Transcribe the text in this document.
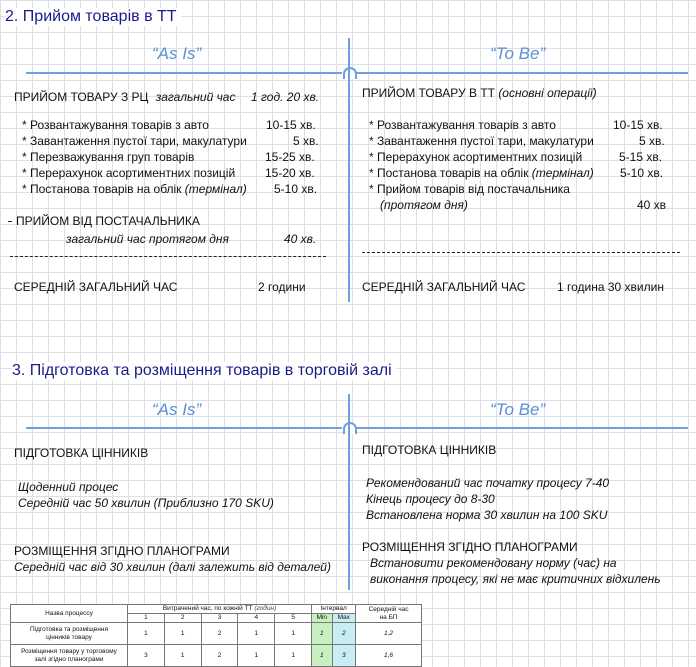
2. Прийом товарів в ТТ
“As Is”	“To Be”
ПРИЙОМ ТОВАРУ З РЦ загальний час 1 год. 20 хв.
* Розвантажування товарів з авто	10-15 хв.
* Завантаження пустої тари, макулатури	5 хв.
* Перезважування груп товарів	15-25 хв.
* Перерахунок асортиментних позицій 15-20 хв.
* Постанова товарів на облік (термінал) 5-10 хв.
ПРИЙОМ ВІД ПОСТАЧАЛЬНИКА
загальний час протягом дня	40 хв.
СЕРЕДНІЙ ЗАГАЛЬНИЙ ЧАС	2 години
ПРИЙОМ ТОВАРУ В ТТ (основні операції)
* Розвантажування товарів з авто	10-15 хв.
* Завантаження пустої тари, макулатури	5 хв.
* Перерахунок асортиментних позицій	5-15 хв.
* Постанова товарів на облік (термінал) 5-10 хв.
* Прийом товарів від постачальника
(протягом дня)	40 хв
СЕРЕДНІЙ ЗАГАЛЬНИЙ ЧАС	1 година 30 хвилин
3. Підготовка та розміщення товарів в торговій залі
“As Is”	“To Be”
ПІДГОТОВКА ЦІННИКІВ
Щоденний процес
Середній час 50 хвилин (Приблизно 170 SKU)
РОЗМІЩЕННЯ ЗГІДНО ПЛАНОГРАМИ
Середній час від 30 хвилин (далі залежить від деталей)
ПІДГОТОВКА ЦІННИКІВ
Рекомендований час початку процесу 7-40
Кінець процесу до 8-30
Встановлена норма 30 хвилин на 100 SKU
РОЗМІЩЕННЯ ЗГІДНО ПЛАНОГРАМИ
Встановити рекомендовану норму (час) на
виконання процесу, які не має критичних відхилень
Назва процессу	Витрачений час, по кожній ТТ (годин)					Інтервал		Середній час
на БП

	1	2	3	4	5	Min	Max	

Підготовка та розміщення
цінників товару	1	1	2	1	1	1	2	1,2

Розміщення товару у торговому
залі згідно планограми	3	1	2	1	1	1	3	1,6
